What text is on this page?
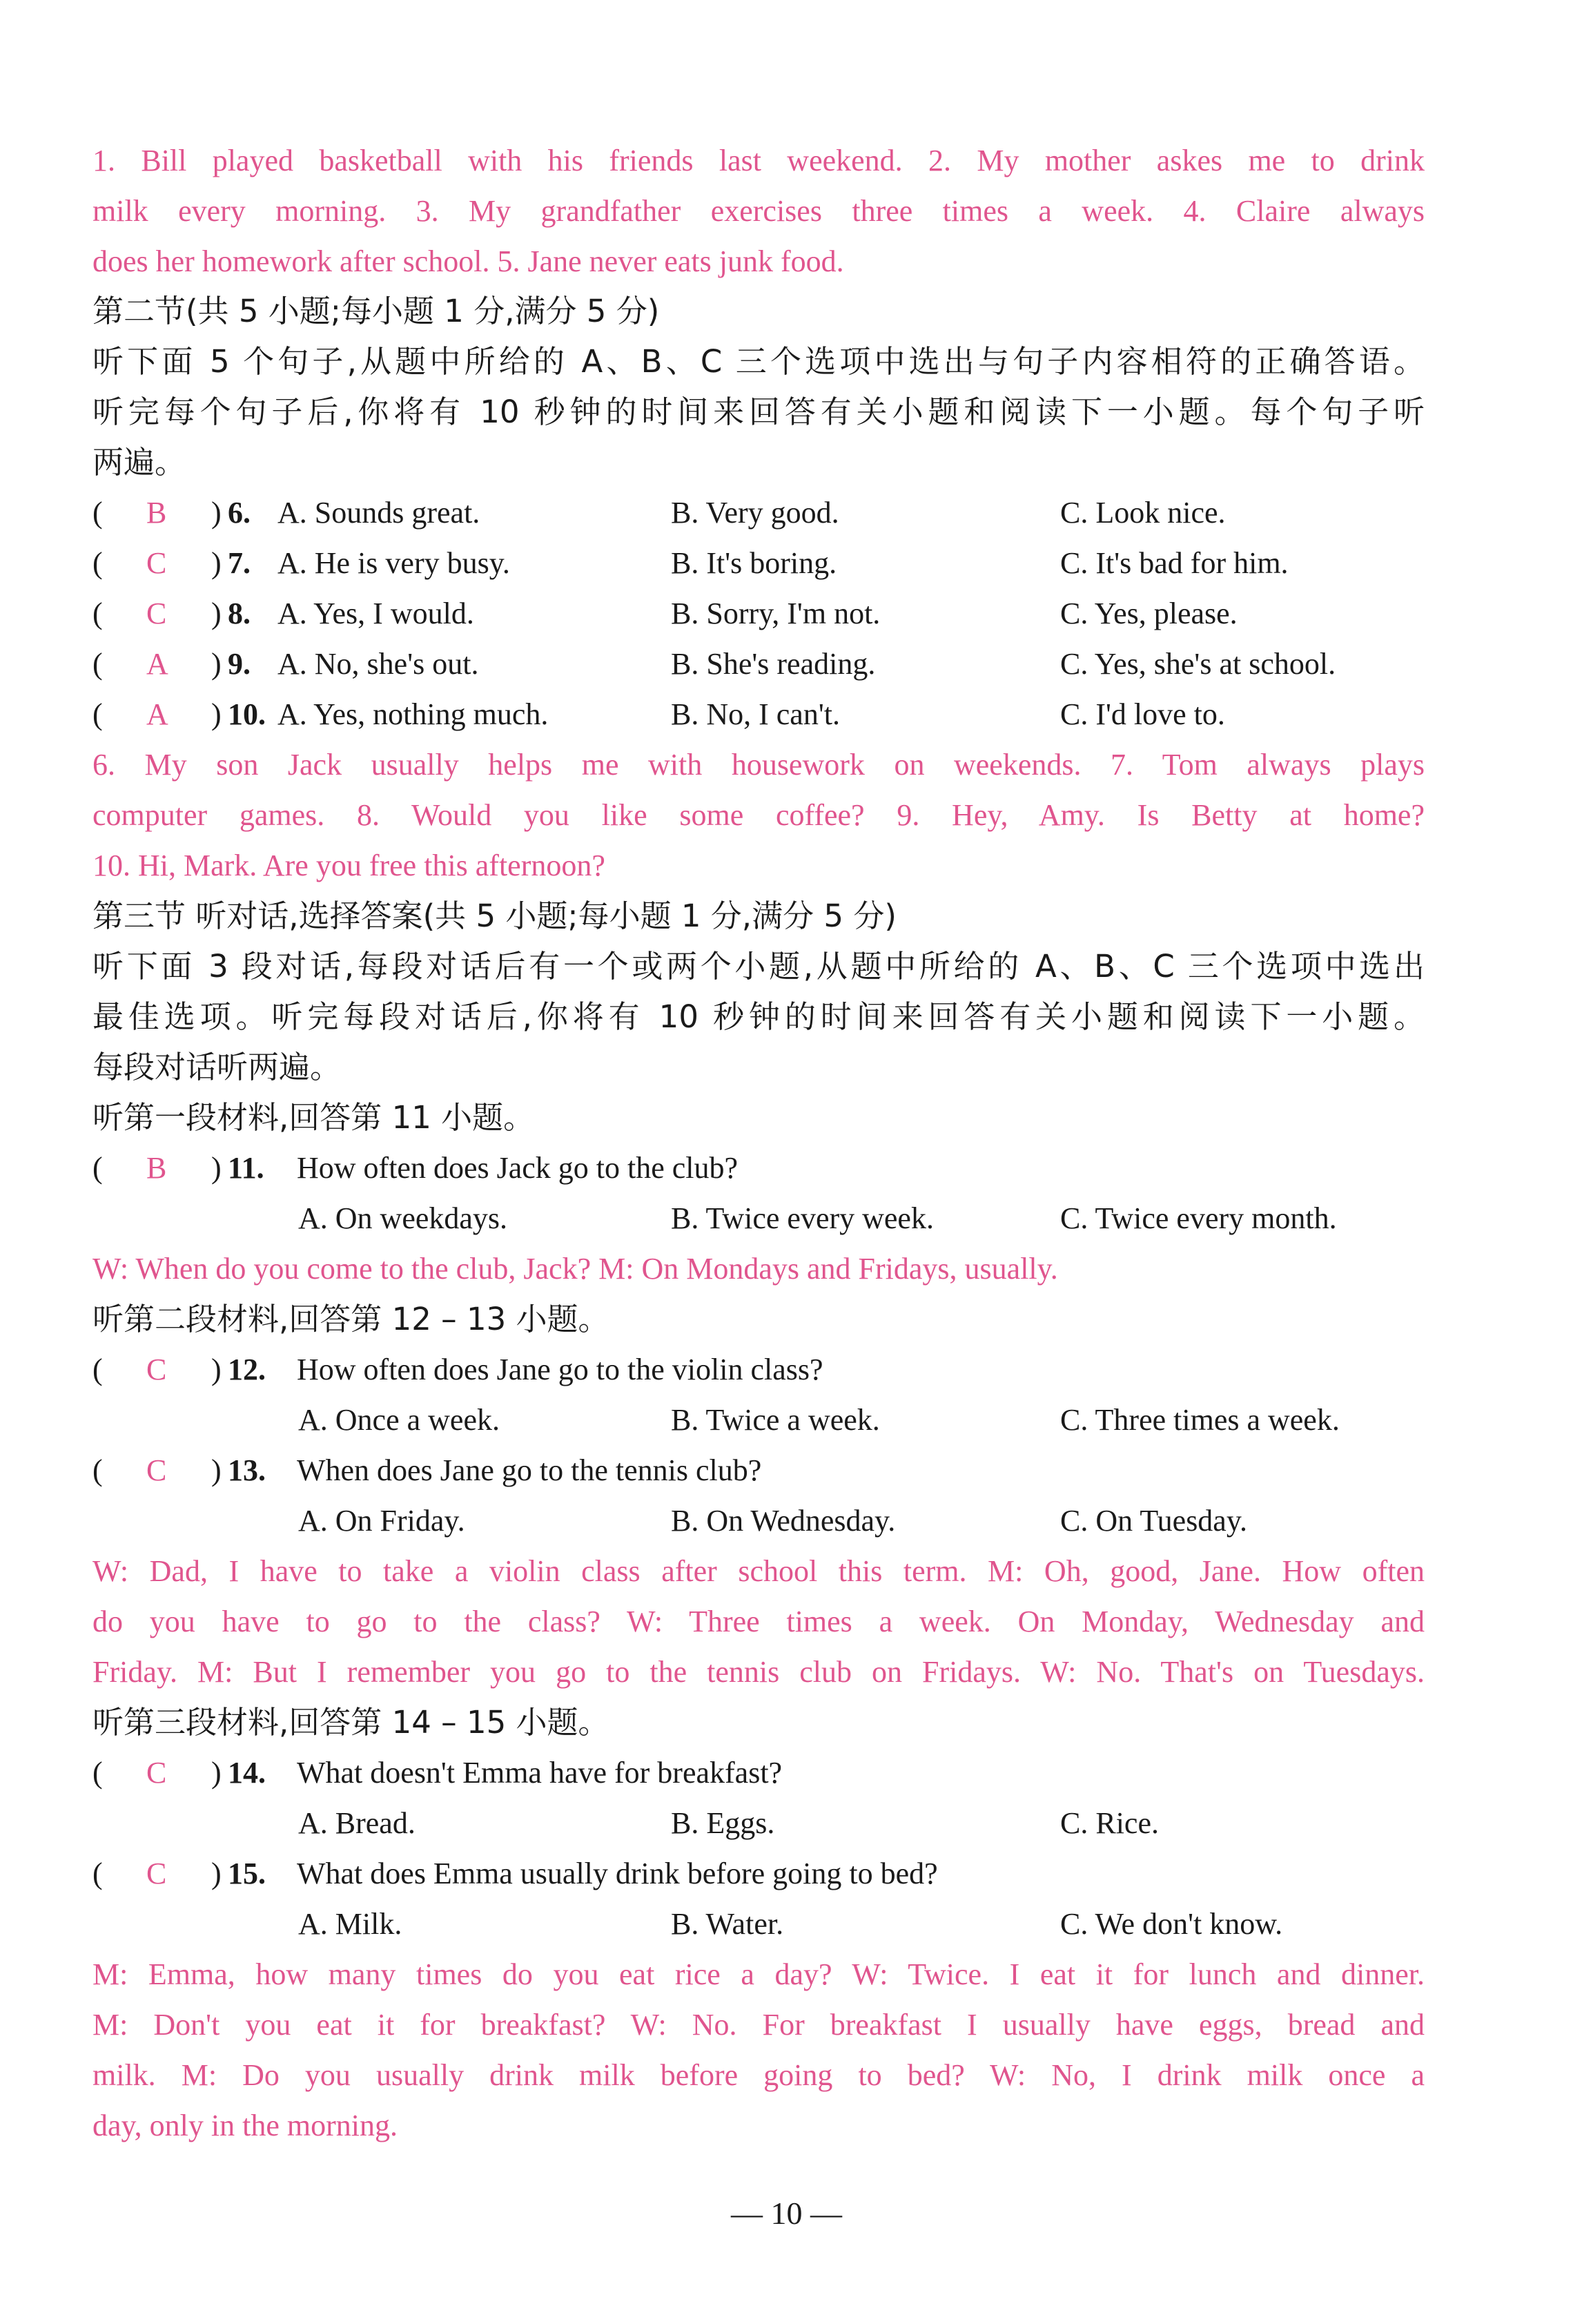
1. Bill played basketball with his friends last weekend. 2. My mother askes me to drink
milk every morning. 3. My grandfather exercises three times a week. 4. Claire always
does her homework after school. 5. Jane never eats junk food.
第二节(共 5 小题;每小题 1 分,满分 5 分)
听下面 5 个句子,从题中所给的 A、B、C 三个选项中选出与句子内容相符的正确答语。
听完每个句子后,你将有 10 秒钟的时间来回答有关小题和阅读下一小题。每个句子听
两遍。
( B ) 6. A. Sounds great.	B. Very good.	C. Look nice.
( C ) 7. A. He is very busy.	B. It's boring.	C. It's bad for him.
( C ) 8. A. Yes, I would.	B. Sorry, I'm not.	C. Yes, please.
( A ) 9. A. No, she's out.	B. She's reading.	C. Yes, she's at school.
( A ) 10. A. Yes, nothing much.	B. No, I can't.	C. I'd love to.
6. My son Jack usually helps me with housework on weekends. 7. Tom always plays
computer games. 8. Would you like some coffee? 9. Hey, Amy. Is Betty at home?
10. Hi, Mark. Are you free this afternoon?
第三节 听对话,选择答案(共 5 小题;每小题 1 分,满分 5 分)
听下面 3 段对话,每段对话后有一个或两个小题,从题中所给的 A、B、C 三个选项中选出
最佳选项。听完每段对话后,你将有 10 秒钟的时间来回答有关小题和阅读下一小题。
每段对话听两遍。
听第一段材料,回答第 11 小题。
( B ) 11. How often does Jack go to the club?
A. On weekdays.	B. Twice every week.	C. Twice every month.
W: When do you come to the club, Jack? M: On Mondays and Fridays, usually.
听第二段材料,回答第 12 – 13 小题。
( C ) 12. How often does Jane go to the violin class?
A. Once a week.	B. Twice a week.	C. Three times a week.
( C ) 13. When does Jane go to the tennis club?
A. On Friday.	B. On Wednesday.	C. On Tuesday.
W: Dad, I have to take a violin class after school this term. M: Oh, good, Jane. How often
do you have to go to the class? W: Three times a week. On Monday, Wednesday and
Friday. M: But I remember you go to the tennis club on Fridays. W: No. That's on Tuesdays.
听第三段材料,回答第 14 – 15 小题。
( C ) 14. What doesn't Emma have for breakfast?
A. Bread.	B. Eggs.	C. Rice.
( C ) 15. What does Emma usually drink before going to bed?
A. Milk.	B. Water.	C. We don't know.
M: Emma, how many times do you eat rice a day? W: Twice. I eat it for lunch and dinner.
M: Don't you eat it for breakfast? W: No. For breakfast I usually have eggs, bread and
milk. M: Do you usually drink milk before going to bed? W: No, I drink milk once a
day, only in the morning.
— 10 —
